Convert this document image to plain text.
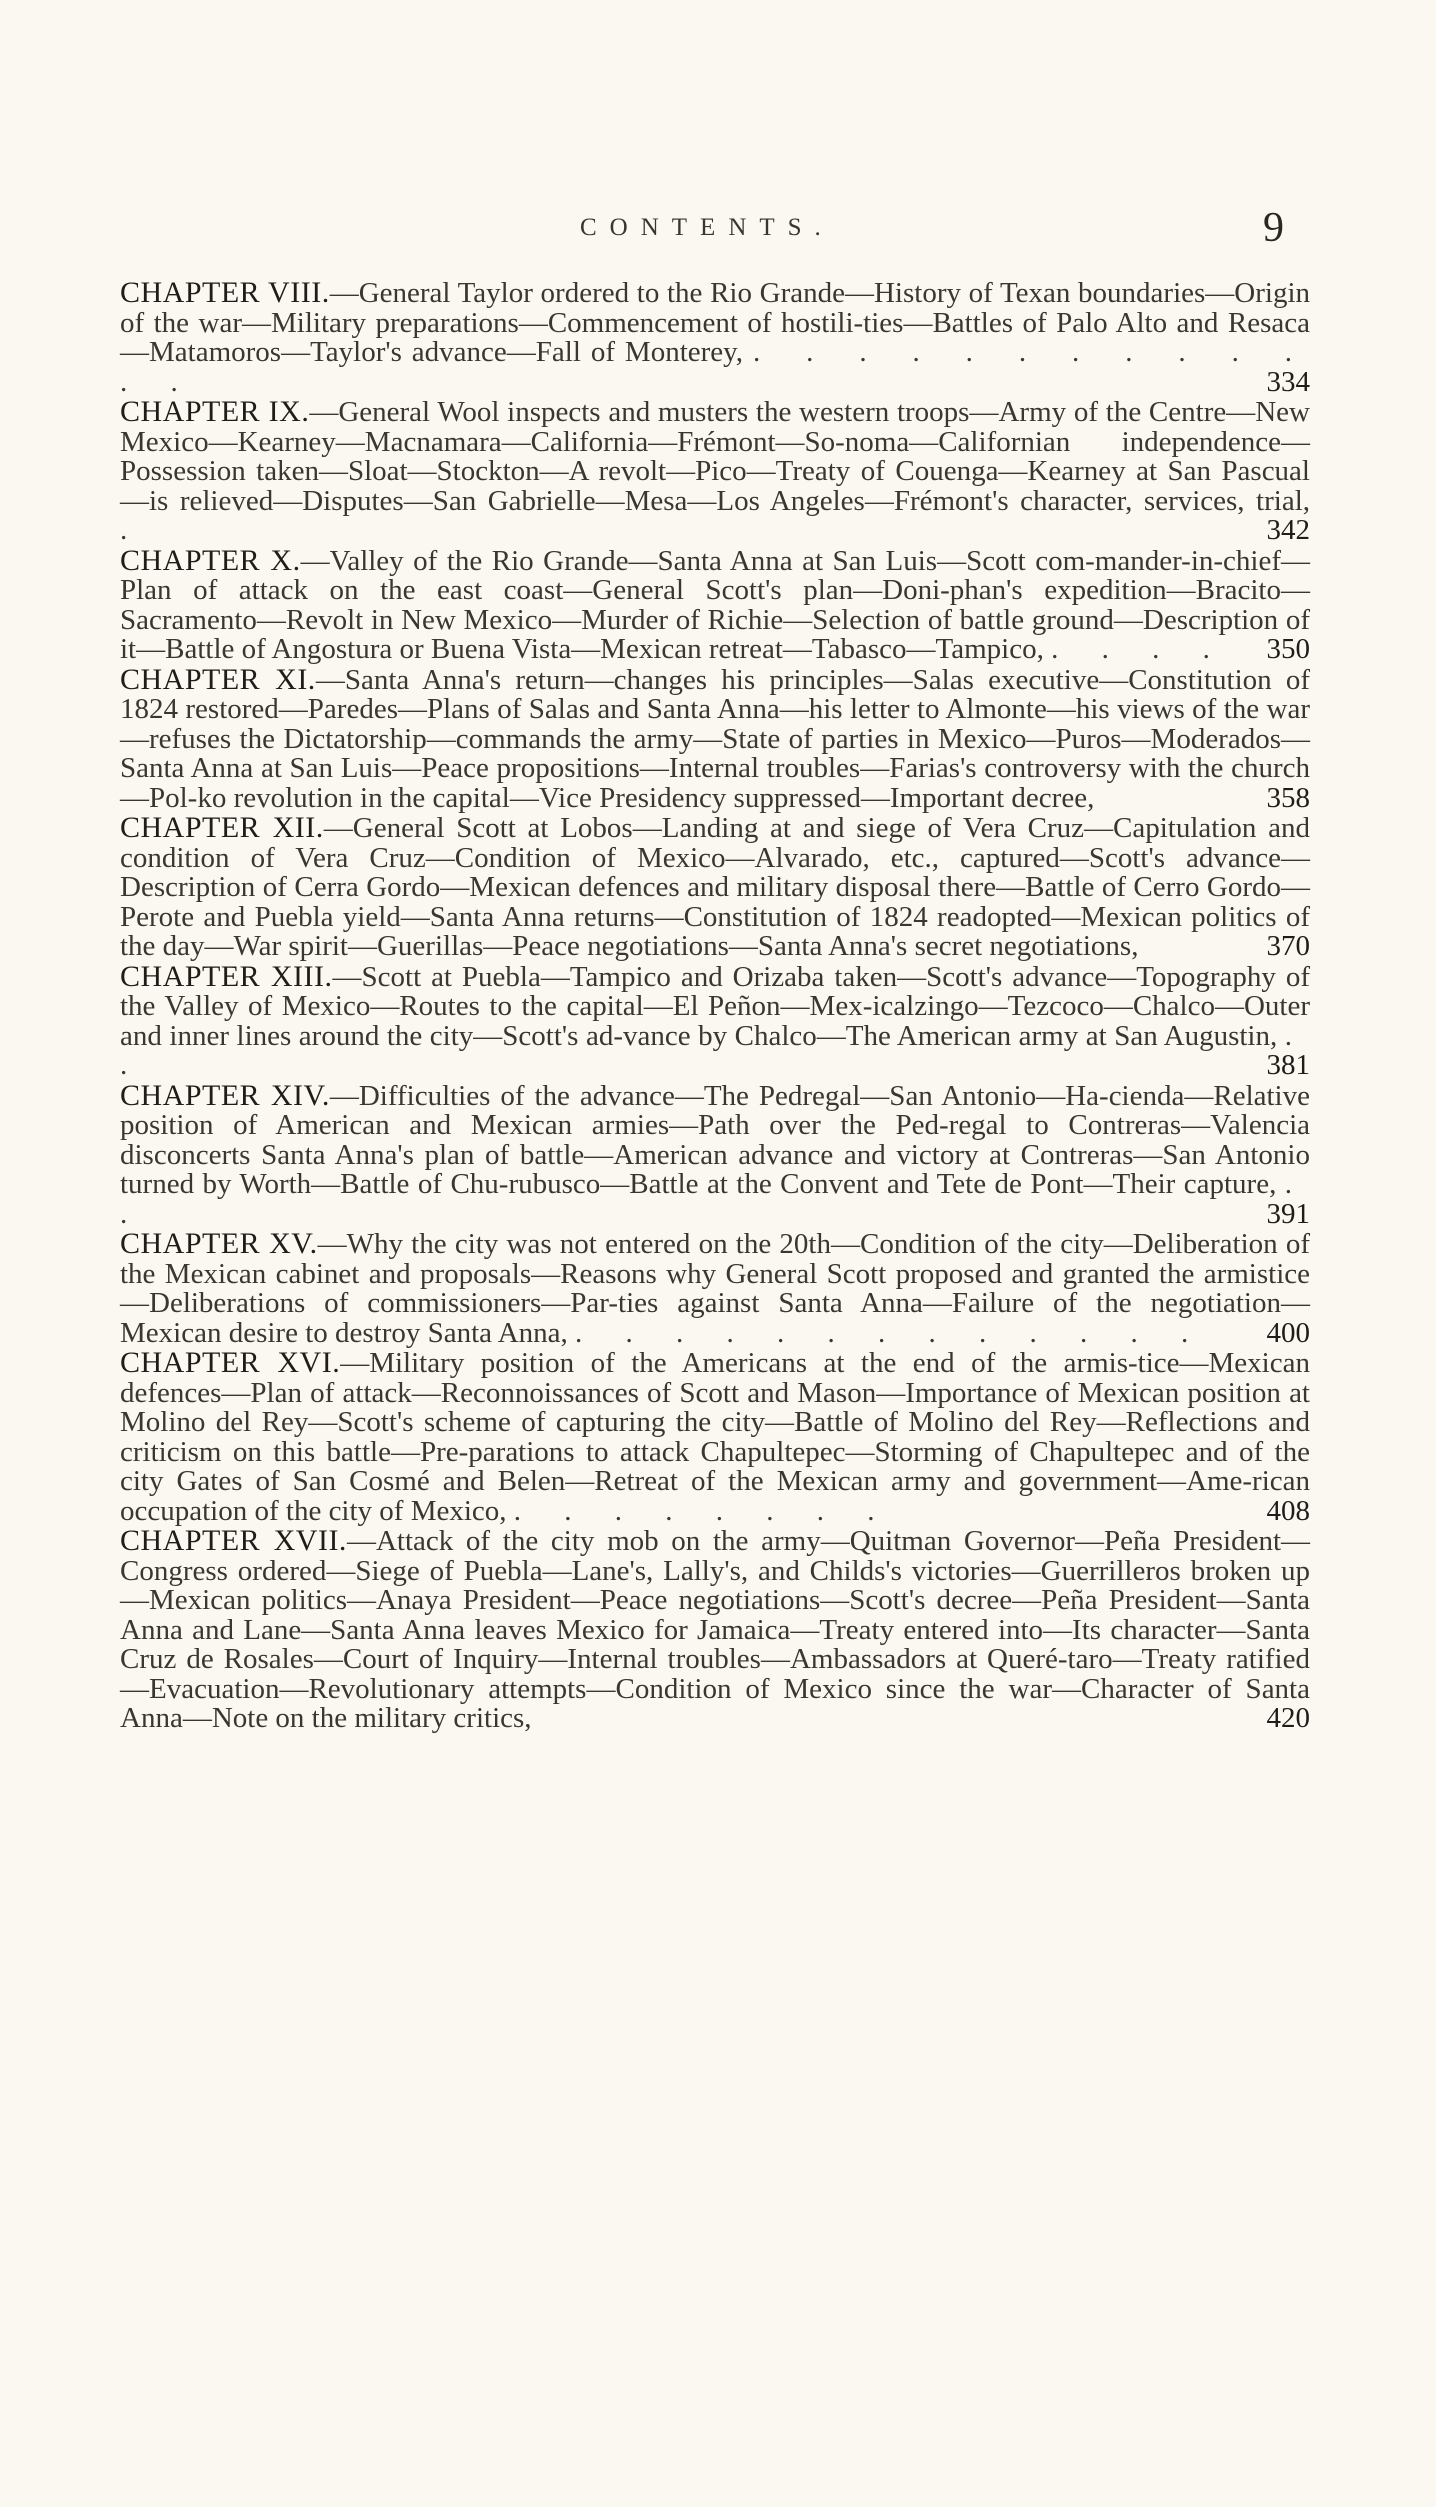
CONTENTS.	9

CHAPTER VIII.—General Taylor ordered to the Rio Grande—History of Texan boundaries—Origin of the war—Military preparations—Commencement of hostili-ties—Battles of Palo Alto and Resaca—Matamoros—Taylor's advance—Fall of Monterey, . . . . . . . . . . . . .	334

CHAPTER IX.—General Wool inspects and musters the western troops—Army of the Centre—New Mexico—Kearney—Macnamara—California—Frémont—So-noma—Californian independence—Possession taken—Sloat—Stockton—A revolt—Pico—Treaty of Couenga—Kearney at San Pascual—is relieved—Disputes—San Gabrielle—Mesa—Los Angeles—Frémont's character, services, trial, .	342

CHAPTER X.—Valley of the Rio Grande—Santa Anna at San Luis—Scott com-mander-in-chief—Plan of attack on the east coast—General Scott's plan—Doni-phan's expedition—Bracito—Sacramento—Revolt in New Mexico—Murder of Richie—Selection of battle ground—Description of it—Battle of Angostura or Buena Vista—Mexican retreat—Tabasco—Tampico, . . . . 350

CHAPTER XI.—Santa Anna's return—changes his principles—Salas executive—Constitution of 1824 restored—Paredes—Plans of Salas and Santa Anna—his letter to Almonte—his views of the war—refuses the Dictatorship—commands the army—State of parties in Mexico—Puros—Moderados—Santa Anna at San Luis—Peace propositions—Internal troubles—Farias's controversy with the church—Pol-ko revolution in the capital—Vice Presidency suppressed—Important decree,	358

CHAPTER XII.—General Scott at Lobos—Landing at and siege of Vera Cruz—Capitulation and condition of Vera Cruz—Condition of Mexico—Alvarado, etc., captured—Scott's advance—Description of Cerra Gordo—Mexican defences and military disposal there—Battle of Cerro Gordo—Perote and Puebla yield—Santa Anna returns—Constitution of 1824 readopted—Mexican politics of the day—War spirit—Guerillas—Peace negotiations—Santa Anna's secret negotiations,	370

CHAPTER XIII.—Scott at Puebla—Tampico and Orizaba taken—Scott's advance—Topography of the Valley of Mexico—Routes to the capital—El Peñon—Mex-icalzingo—Tezcoco—Chalco—Outer and inner lines around the city—Scott's ad-vance by Chalco—The American army at San Augustin, . .	381

CHAPTER XIV.—Difficulties of the advance—The Pedregal—San Antonio—Ha-cienda—Relative position of American and Mexican armies—Path over the Ped-regal to Contreras—Valencia disconcerts Santa Anna's plan of battle—American advance and victory at Contreras—San Antonio turned by Worth—Battle of Chu-rubusco—Battle at the Convent and Tete de Pont—Their capture, . .	391

CHAPTER XV.—Why the city was not entered on the 20th—Condition of the city—Deliberation of the Mexican cabinet and proposals—Reasons why General Scott proposed and granted the armistice—Deliberations of commissioners—Par-ties against Santa Anna—Failure of the negotiation—Mexican desire to destroy Santa Anna, . . . . . . . . . . . . . 400

CHAPTER XVI.—Military position of the Americans at the end of the armis-tice—Mexican defences—Plan of attack—Reconnoissances of Scott and Mason—Importance of Mexican position at Molino del Rey—Scott's scheme of capturing the city—Battle of Molino del Rey—Reflections and criticism on this battle—Pre-parations to attack Chapultepec—Storming of Chapultepec and of the city Gates of San Cosmé and Belen—Retreat of the Mexican army and government—Ame-rican occupation of the city of Mexico, . . . . . . . .	408

CHAPTER XVII.—Attack of the city mob on the army—Quitman Governor—Peña President—Congress ordered—Siege of Puebla—Lane's, Lally's, and Childs's victories—Guerrilleros broken up—Mexican politics—Anaya President—Peace negotiations—Scott's decree—Peña President—Santa Anna and Lane—Santa Anna leaves Mexico for Jamaica—Treaty entered into—Its character—Santa Cruz de Rosales—Court of Inquiry—Internal troubles—Ambassadors at Queré-taro—Treaty ratified—Evacuation—Revolutionary attempts—Condition of Mexico since the war—Character of Santa Anna—Note on the military critics,	420
